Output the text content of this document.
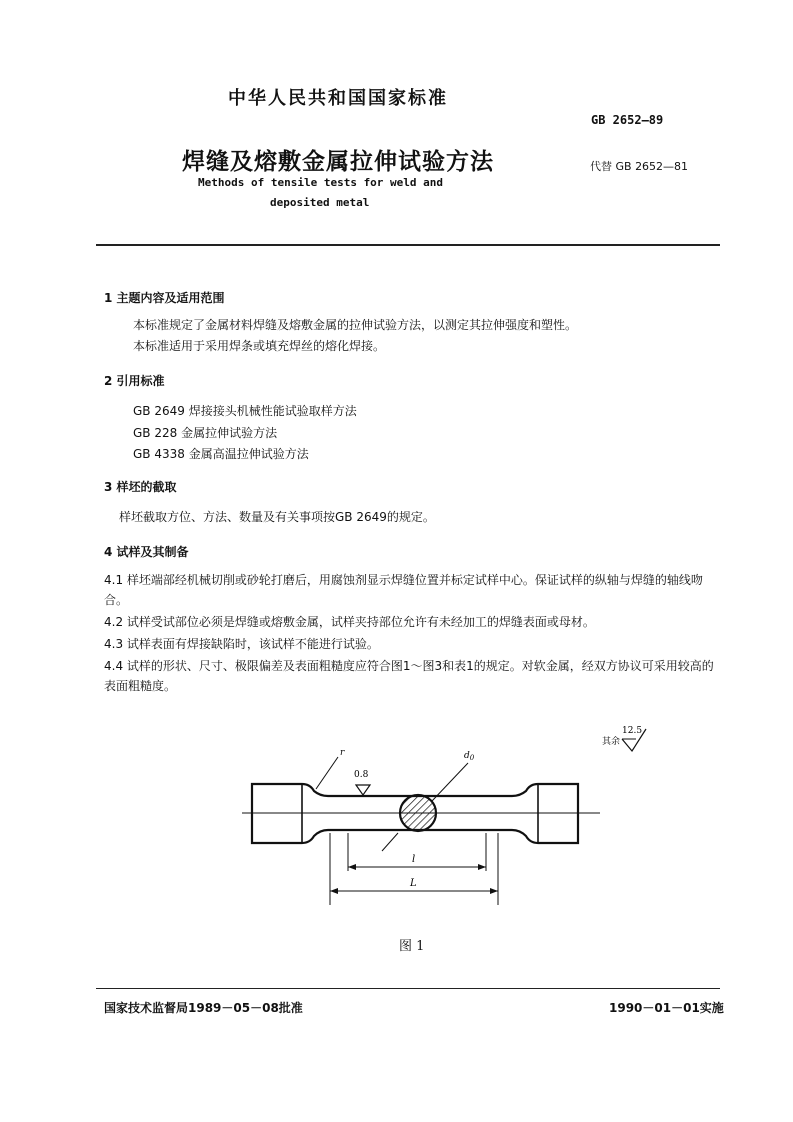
中华人民共和国国家标准
GB 2652—89
焊缝及熔敷金属拉伸试验方法	代替 GB 2652—81
Methods of tensile tests for weld and
deposited metal
1 主题内容及适用范围
本标准规定了金属材料焊缝及熔敷金属的拉伸试验方法，以测定其拉伸强度和塑性。
本标准适用于采用焊条或填充焊丝的熔化焊接。
2 引用标准
GB 2649 焊接接头机械性能试验取样方法
GB 228 金属拉伸试验方法
GB 4338 金属高温拉伸试验方法
3 样坯的截取
样坯截取方位、方法、数量及有关事项按GB 2649的规定。
4 试样及其制备
4.1 样坯端部经机械切削或砂轮打磨后，用腐蚀剂显示焊缝位置并标定试样中心。保证试样的纵轴与焊缝的轴线吻合。
4.2 试样受试部位必须是焊缝或熔敷金属，试样夹持部位允许有未经加工的焊缝表面或母材。
4.3 试样表面有焊接缺陷时，该试样不能进行试验。
4.4 试样的形状、尺寸、极限偏差及表面粗糙度应符合图1～图3和表1的规定。对软金属，经双方协议可采用较高的表面粗糙度。
其余
12.5
r	$d_0$
0.8
l
L
图 1
国家技术监督局1989－05－08批准	1990－01－01实施
